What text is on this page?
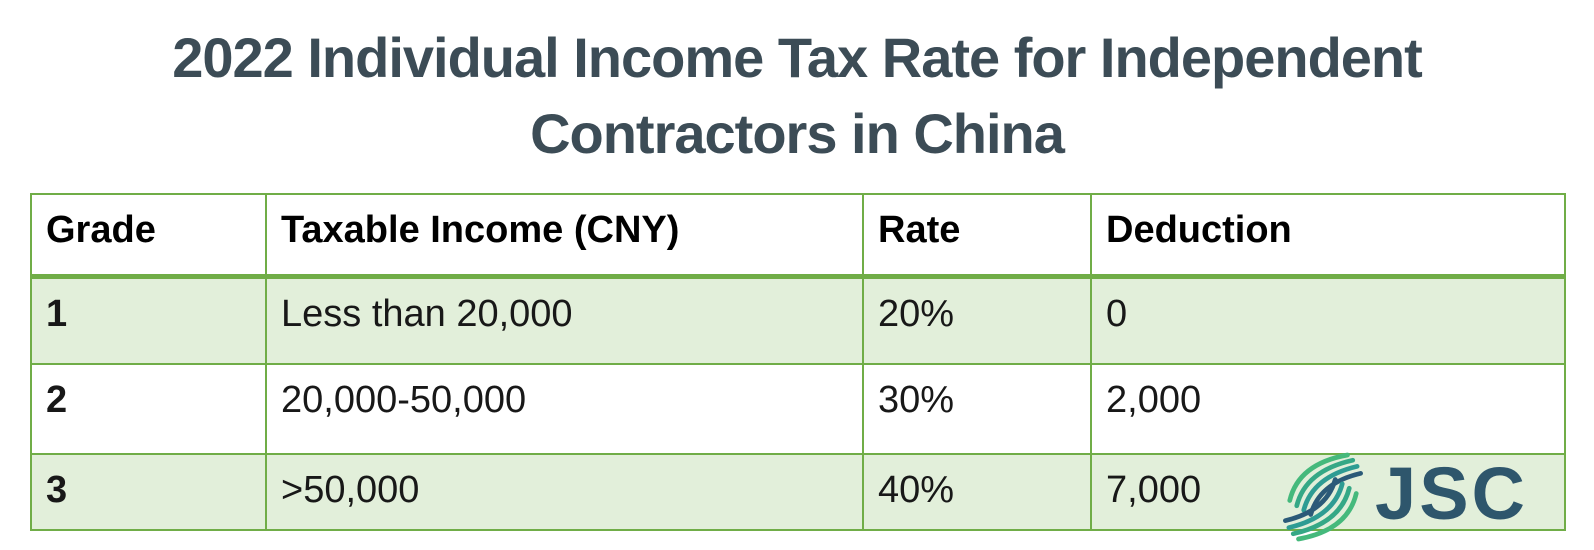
2022 Individual Income Tax Rate for Independent Contractors in China
Grade	Taxable Income (CNY)	Rate	Deduction
1	Less than 20,000	20%	0
2	20,000-50,000	30%	2,000
3	>50,000	40%	7,000 JSC
